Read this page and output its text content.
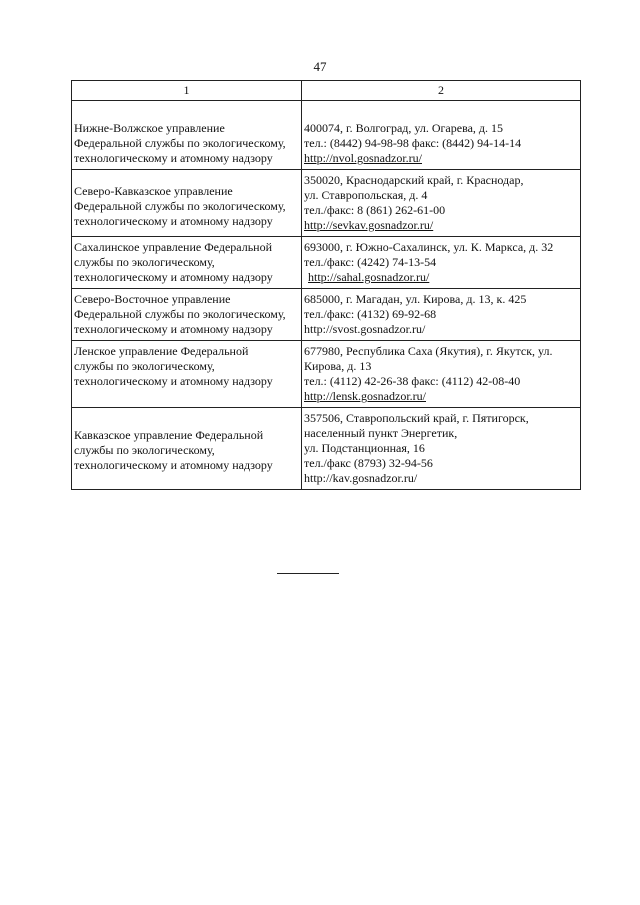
47
1	2

Нижне-Волжское управление
Федеральной службы по экологическому,
технологическому и атомному надзору	400074, г. Волгоград, ул. Огарева, д. 15
тел.: (8442) 94-98-98 факс: (8442) 94-14-14
http://nvol.gosnadzor.ru/

Северо-Кавказское управление
Федеральной службы по экологическому,
технологическому и атомному надзору	350020, Краснодарский край, г. Краснодар,
ул. Ставропольская, д. 4
тел./факс: 8 (861) 262-61-00
http://sevkav.gosnadzor.ru/

Сахалинское управление Федеральной
службы по экологическому,
технологическому и атомному надзору	693000, г. Южно-Сахалинск, ул. К. Маркса, д. 32
тел./факс: (4242) 74-13-54
http://sahal.gosnadzor.ru/

Северо-Восточное управление
Федеральной службы по экологическому,
технологическому и атомному надзору	685000, г. Магадан, ул. Кирова, д. 13, к. 425
тел./факс: (4132) 69-92-68
http://svost.gosnadzor.ru/

Ленское управление Федеральной
службы по экологическому,
технологическому и атомному надзору	677980, Республика Саха (Якутия), г. Якутск, ул.
Кирова, д. 13
тел.: (4112) 42-26-38 факс: (4112) 42-08-40
http://lensk.gosnadzor.ru/

Кавказское управление Федеральной
службы по экологическому,
технологическому и атомному надзору	357506, Ставропольский край, г. Пятигорск,
населенный пункт Энергетик,
ул. Подстанционная, 16
тел./факс (8793) 32-94-56
http://kav.gosnadzor.ru/
